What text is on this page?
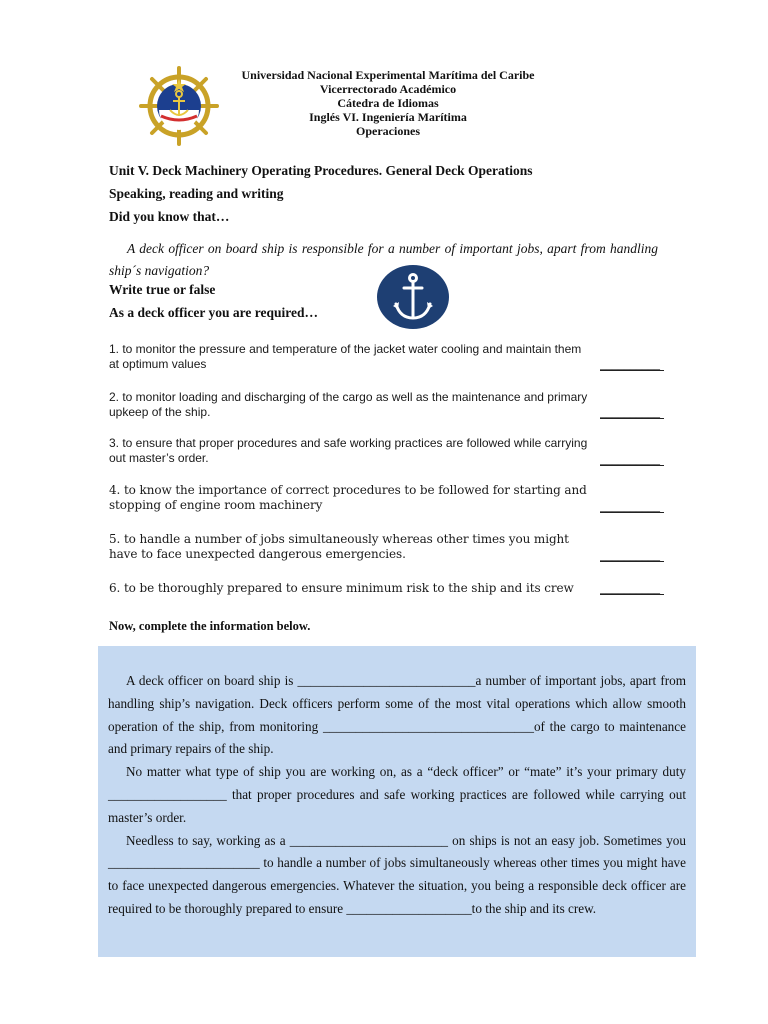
Universidad Nacional Experimental Marítima del Caribe
Vicerrectorado Académico
Cátedra de Idiomas
Inglés VI. Ingeniería Marítima
Operaciones
Unit V. Deck Machinery Operating Procedures. General Deck Operations
Speaking, reading and writing
Did you know that…
A deck officer on board ship is responsible for a number of important jobs, apart from handling ship´s navigation?
Write true or false
As a deck officer you are required…
1. to monitor the pressure and temperature of the jacket water cooling and maintain them at optimum values	__________
2. to monitor loading and discharging of the cargo as well as the maintenance and primary upkeep of the ship.	__________
3. to ensure that proper procedures and safe working practices are followed while carrying out master’s order.	__________
4. to know the importance of correct procedures to be followed for starting and stopping of engine room machinery	__________
5. to handle a number of jobs simultaneously whereas other times you might have to face unexpected dangerous emergencies.	__________
6. to be thoroughly prepared to ensure minimum risk to the ship and its crew	__________
Now, complete the information below.

A deck officer on board ship is ___________________________a number of important jobs, apart from handling ship’s navigation. Deck officers perform some of the most vital operations which allow smooth operation of the ship, from monitoring ________________________________of the cargo to maintenance and primary repairs of the ship.

No matter what type of ship you are working on, as a “deck officer” or “mate” it’s your primary duty __________________ that proper procedures and safe working practices are followed while carrying out master’s order.

Needless to say, working as a ________________________ on ships is not an easy job. Sometimes you _______________________ to handle a number of jobs simultaneously whereas other times you might have to face unexpected dangerous emergencies. Whatever the situation, you being a responsible deck officer are required to be thoroughly prepared to ensure ___________________to the ship and its crew.
